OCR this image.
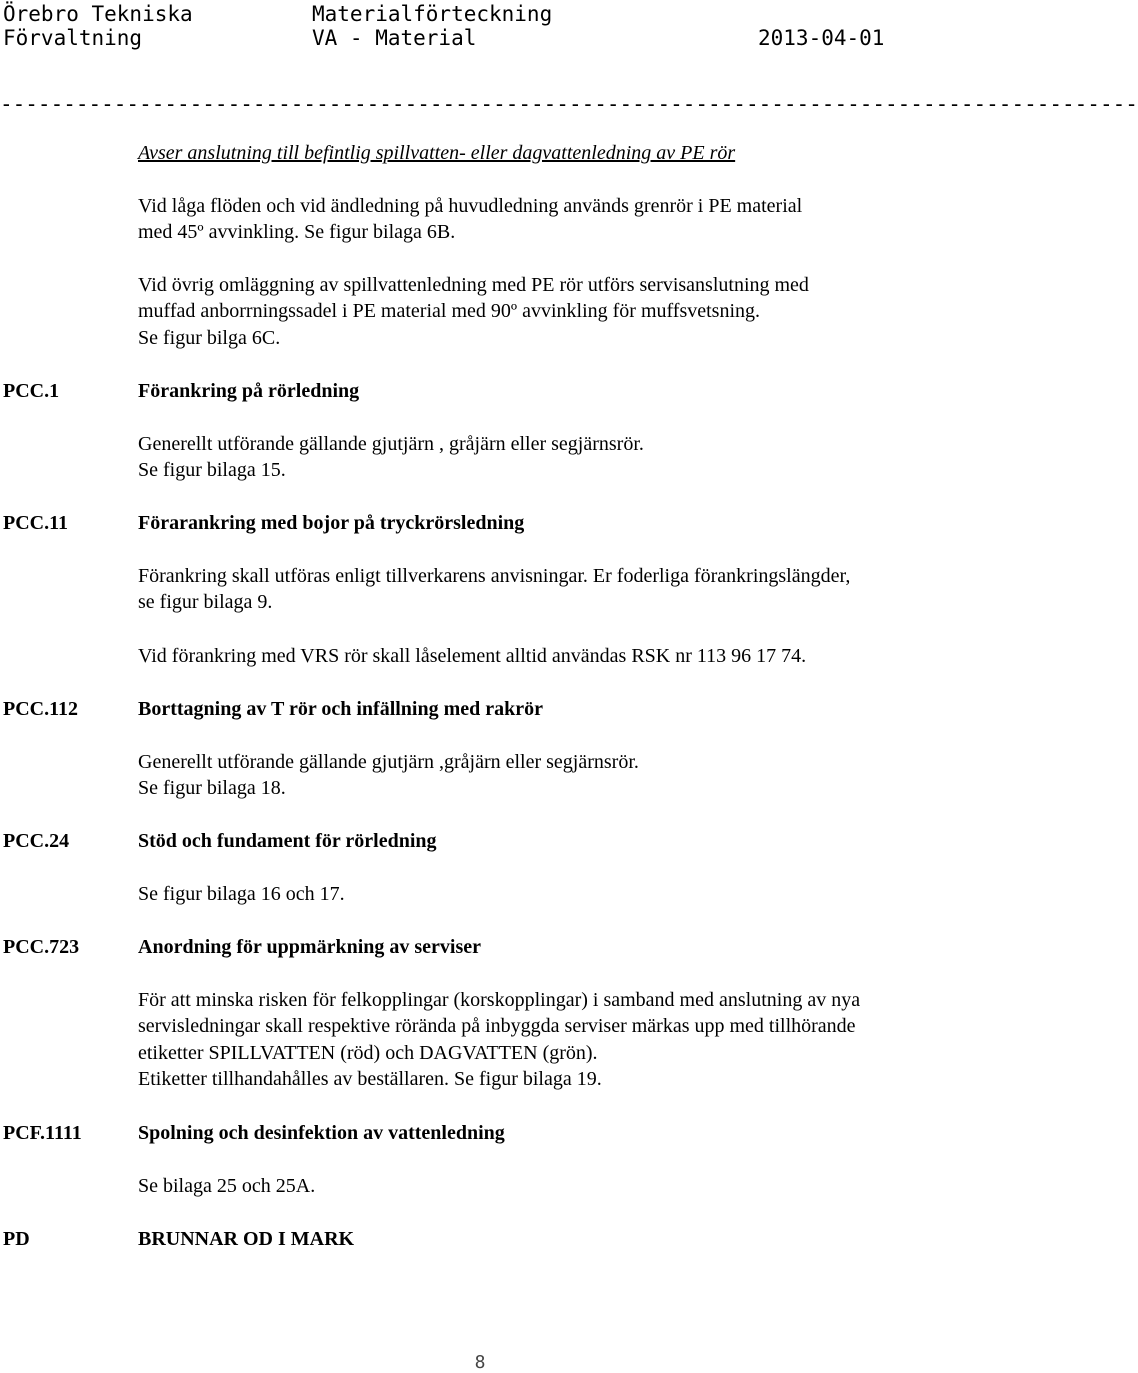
Örebro Tekniska
Förvaltning
Materialförteckning
VA - Material	2013-04-01
------------------------------------------------------------------------------------------
Avser anslutning till befintlig spillvatten- eller dagvattenledning av PE rör
Vid låga flöden och vid ändledning på huvudledning används grenrör i PE material
med 45º avvinkling. Se figur bilaga 6B.
Vid övrig omläggning av spillvattenledning med PE rör utförs servisanslutning med
muffad anborrningssadel i PE material med 90º avvinkling för muffsvetsning.
Se figur bilga 6C.
PCC.1	Förankring på rörledning
Generellt utförande gällande gjutjärn , gråjärn eller segjärnsrör.
Se figur bilaga 15.
PCC.11	Förarankring med bojor på tryckrörsledning
Förankring skall utföras enligt tillverkarens anvisningar. Er foderliga förankringslängder,
se figur bilaga 9.
Vid förankring med VRS rör skall låselement alltid användas RSK nr 113 96 17 74.
PCC.112	Borttagning av T rör och infällning med rakrör
Generellt utförande gällande gjutjärn ,gråjärn eller segjärnsrör.
Se figur bilaga 18.
PCC.24	Stöd och fundament för rörledning
Se figur bilaga 16 och 17.
PCC.723	Anordning för uppmärkning av serviser
För att minska risken för felkopplingar (korskopplingar) i samband med anslutning av nya
servisledningar skall respektive rörända på inbyggda serviser märkas upp med tillhörande
etiketter SPILLVATTEN (röd) och DAGVATTEN (grön).
Etiketter tillhandahålles av beställaren. Se figur bilaga 19.
PCF.1111	Spolning och desinfektion av vattenledning
Se bilaga 25 och 25A.
PD	BRUNNAR OD I MARK
8
